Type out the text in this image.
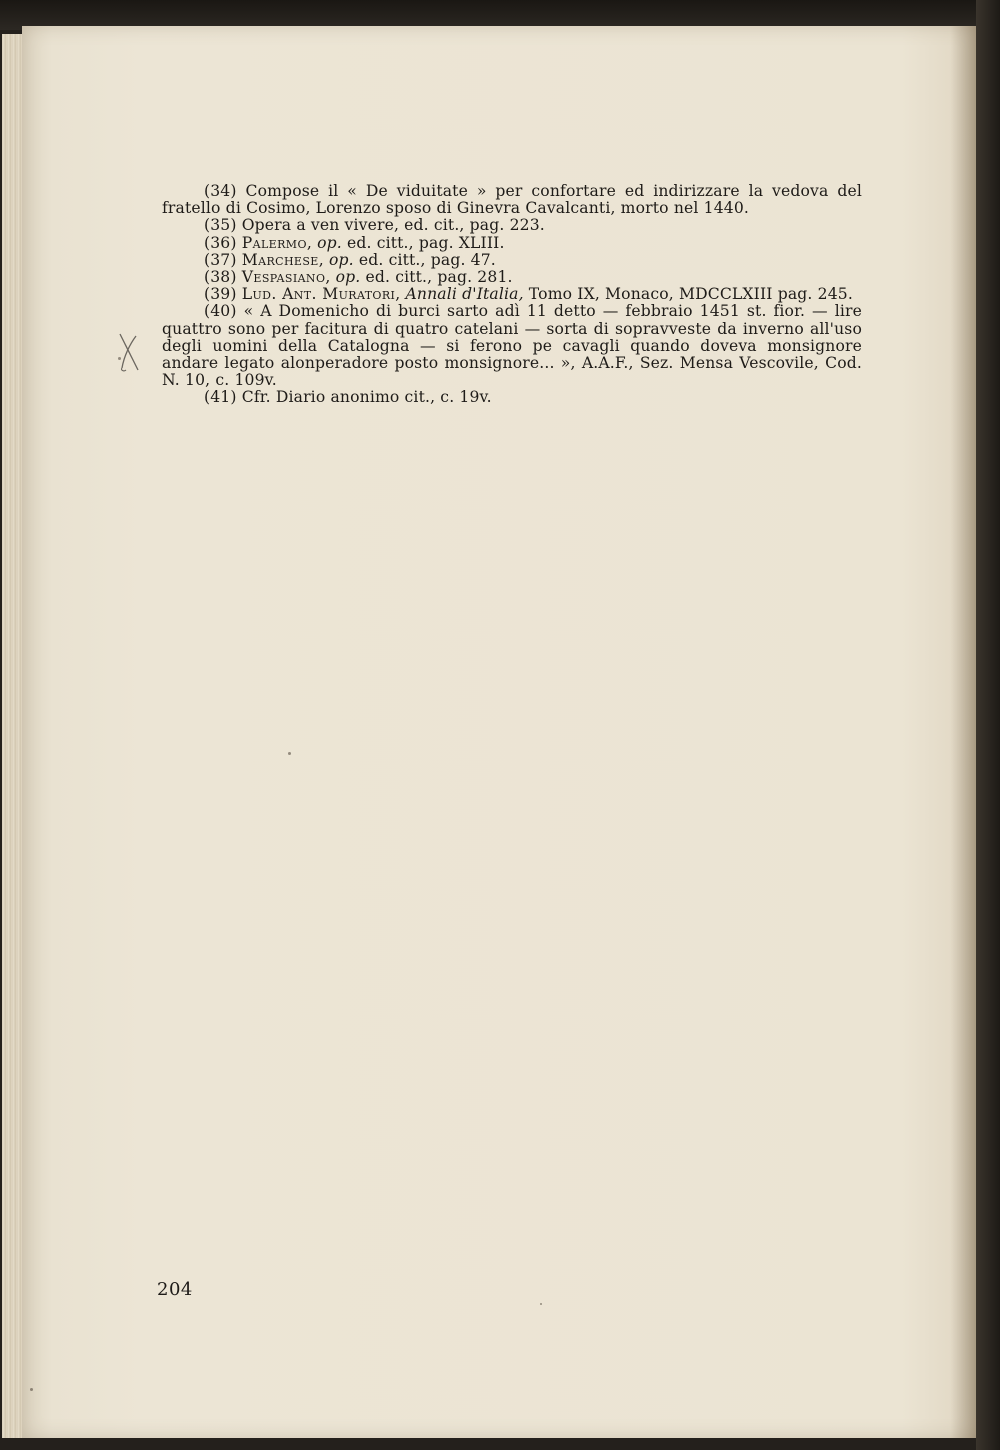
(34) Compose il « De viduitate » per confortare ed indirizzare la vedova del fratello di Cosimo, Lorenzo sposo di Ginevra Cavalcanti, morto nel 1440.

(35) Opera a ven vivere, ed. cit., pag. 223.

(36) Palermo, op. ed. citt., pag. XLIII.

(37) Marchese, op. ed. citt., pag. 47.

(38) Vespasiano, op. ed. citt., pag. 281.

(39) Lud. Ant. Muratori, Annali d'Italia, Tomo IX, Monaco, MDCCLXIII pag. 245.

(40) « A Domenicho di burci sarto adì 11 detto — febbraio 1451 st. fior. — lire quattro sono per facitura di quatro catelani — sorta di sopravveste da inverno all'uso degli uomini della Catalogna — si ferono pe cavagli quando doveva monsignore andare legato alonperadore posto monsignore... », A.A.F., Sez. Mensa Vescovile, Cod. N. 10, c. 109v.

(41) Cfr. Diario anonimo cit., c. 19v.

204
